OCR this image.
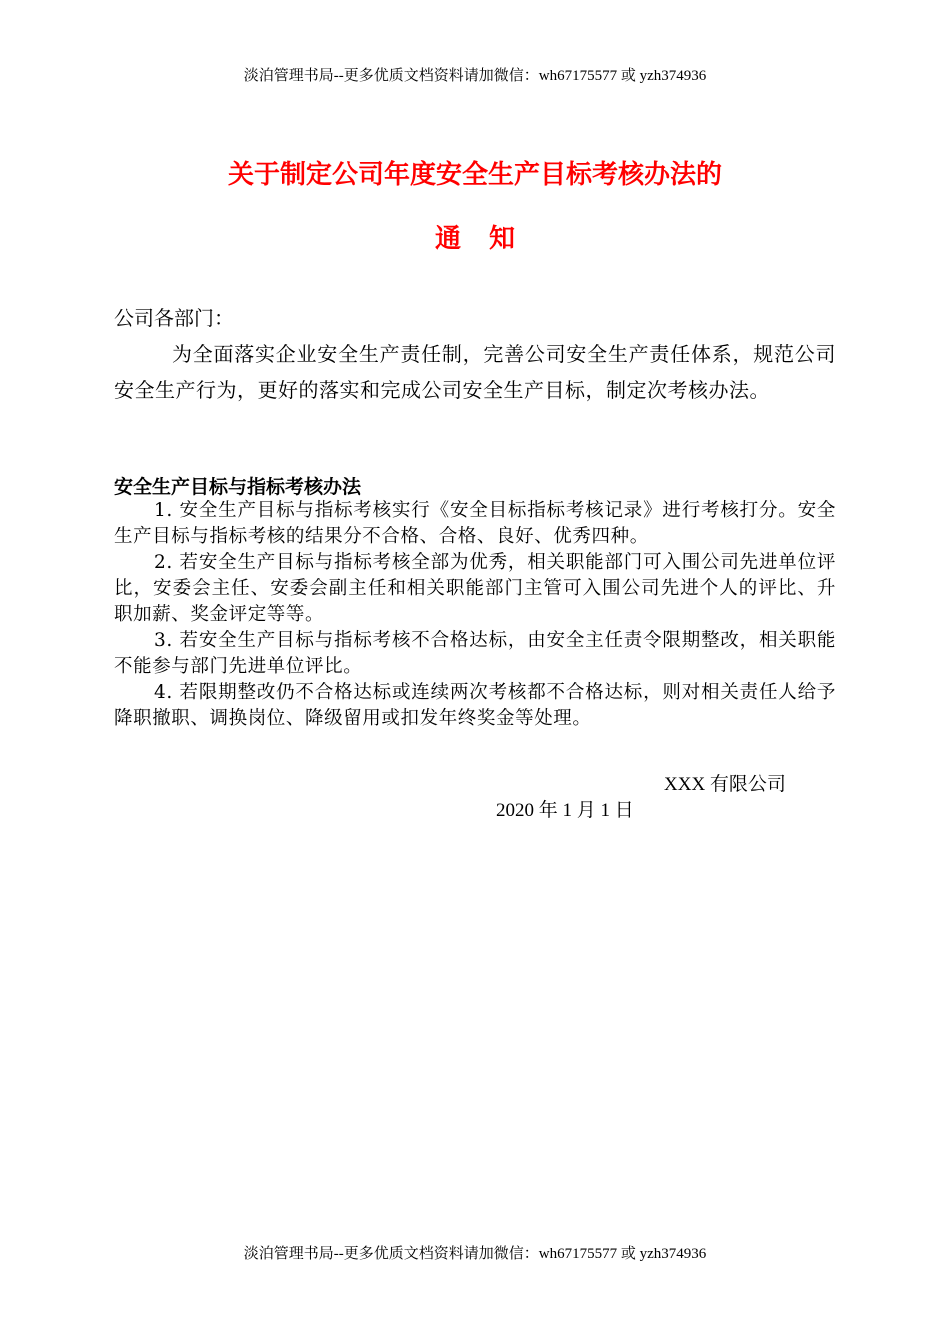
淡泊管理书局--更多优质文档资料请加微信：wh67175577 或 yzh374936
关于制定公司年度安全生产目标考核办法的
通知
公司各部门：
为全面落实企业安全生产责任制，完善公司安全生产责任体系，规范公司安全生产行为，更好的落实和完成公司安全生产目标，制定次考核办法。
安全生产目标与指标考核办法

1. 安全生产目标与指标考核实行《安全目标指标考核记录》进行考核打分。安全生产目标与指标考核的结果分不合格、合格、良好、优秀四种。

2. 若安全生产目标与指标考核全部为优秀，相关职能部门可入围公司先进单位评比，安委会主任、安委会副主任和相关职能部门主管可入围公司先进个人的评比、升职加薪、奖金评定等等。

3. 若安全生产目标与指标考核不合格达标，由安全主任责令限期整改，相关职能不能参与部门先进单位评比。

4. 若限期整改仍不合格达标或连续两次考核都不合格达标，则对相关责任人给予降职撤职、调换岗位、降级留用或扣发年终奖金等处理。

XXX 有限公司
2020 年 1 月 1 日
淡泊管理书局--更多优质文档资料请加微信：wh67175577 或 yzh374936
